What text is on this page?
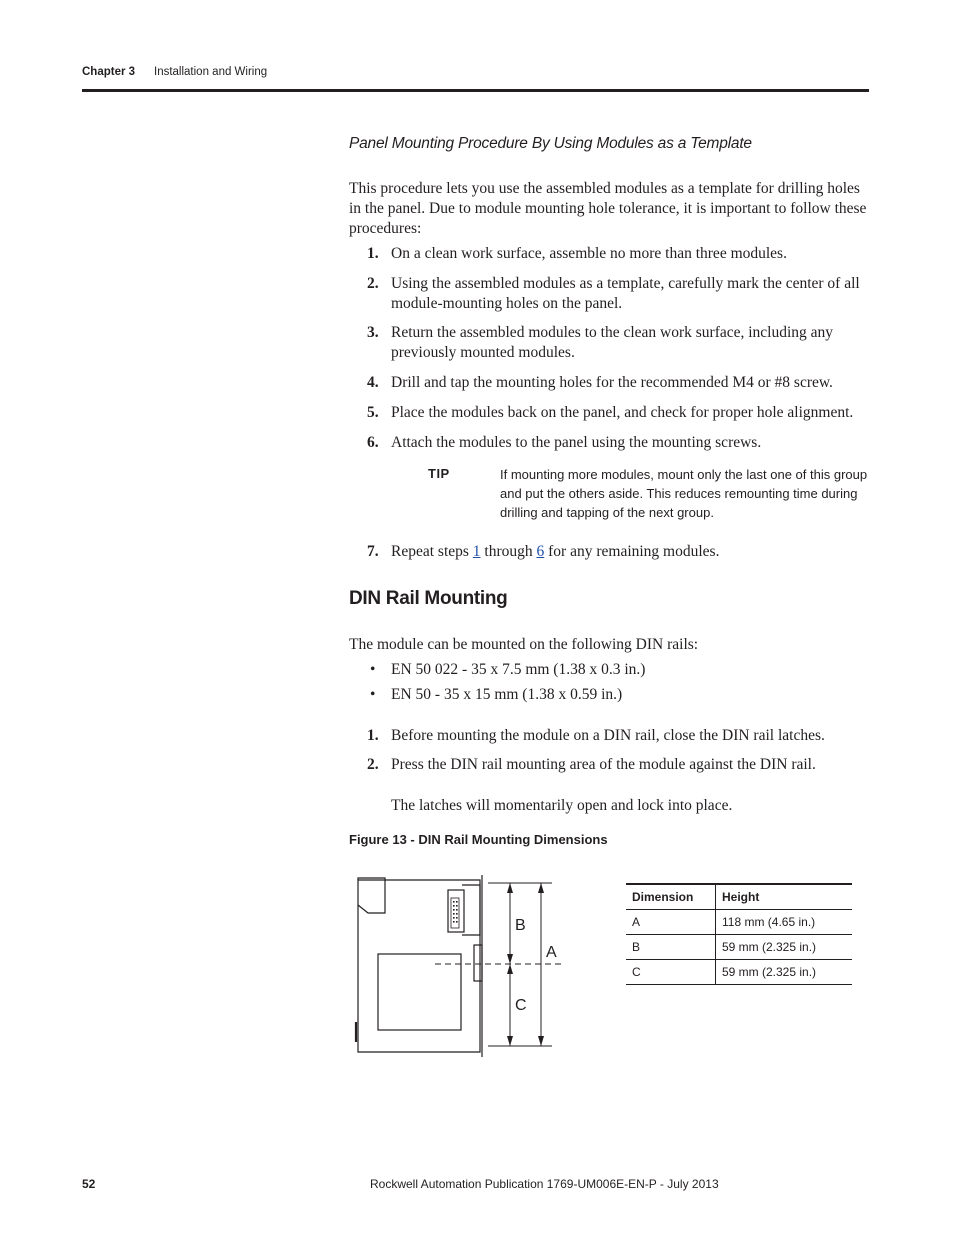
Chapter 3 Installation and Wiring
Panel Mounting Procedure By Using Modules as a Template
This procedure lets you use the assembled modules as a template for drilling holes in the panel. Due to module mounting hole tolerance, it is important to follow these procedures:
1. On a clean work surface, assemble no more than three modules.
2. Using the assembled modules as a template, carefully mark the center of all module-mounting holes on the panel.
3. Return the assembled modules to the clean work surface, including any previously mounted modules.
4. Drill and tap the mounting holes for the recommended M4 or #8 screw.
5. Place the modules back on the panel, and check for proper hole alignment.
6. Attach the modules to the panel using the mounting screws.
TIP	If mounting more modules, mount only the last one of this group and put the others aside. This reduces remounting time during drilling and tapping of the next group.
7. Repeat steps 1 through 6 for any remaining modules.
DIN Rail Mounting
The module can be mounted on the following DIN rails:
• EN 50 022 - 35 x 7.5 mm (1.38 x 0.3 in.)
• EN 50 - 35 x 15 mm (1.38 x 0.59 in.)
1. Before mounting the module on a DIN rail, close the DIN rail latches.
2. Press the DIN rail mounting area of the module against the DIN rail.
The latches will momentarily open and lock into place.
Figure 13 - DIN Rail Mounting Dimensions
B
A
C
Dimension	Height
A	118 mm (4.65 in.)
B	59 mm (2.325 in.)
C	59 mm (2.325 in.)
52	Rockwell Automation Publication 1769-UM006E-EN-P - July 2013
